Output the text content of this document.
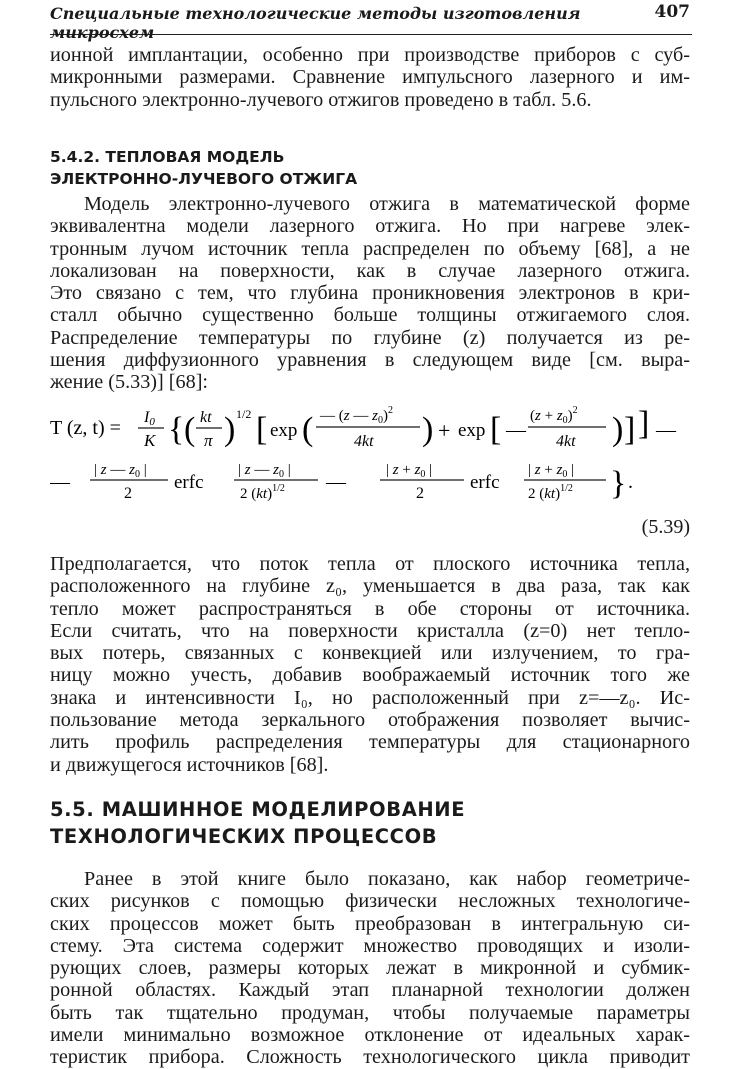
Специальные технологические методы изготовления микросхем
407
ионной имплантации, особенно при производстве приборов с суб-
микронными размерами. Сравнение импульсного лазерного и им-
пульсного электронно-лучевого отжигов проведено в табл. 5.6.
5.4.2. ТЕПЛОВАЯ МОДЕЛЬ
ЭЛЕКТРОННО-ЛУЧЕВОГО ОТЖИГА
Модель электронно-лучевого отжига в математической форме
эквивалентна модели лазерного отжига. Но при нагреве элек-
тронным лучом источник тепла распределен по объему [68], а не
локализован на поверхности, как в случае лазерного отжига.
Это связано с тем, что глубина проникновения электронов в кри-
сталл обычно существенно больше толщины отжигаемого слоя.
Распределение температуры по глубине (z) получается из ре-
шения диффузионного уравнения в следующем виде [см. выра-
жение (5.33)] [68]:
T (z, t) = I0
K { ( kt
π ) 1/2 [ exp ( — (z — $z_0)^2$
4kt ) + exp [ —
$(z + z_0)^2$
4kt ) ] ] —
—
| z — $z_0$ |
2
erfc
| z — $z_0$ |
2 (kt)$^{1/2}$ —
| $z + z_0$ |
2
erfc
| $z + z_0$ |
2 (kt)$^{1/2}$ } .
(5.39)
Предполагается, что поток тепла от плоского источника тепла,
расположенного на глубине z₀, уменьшается в два раза, так как
тепло может распространяться в обе стороны от источника.
Если считать, что на поверхности кристалла (z=0) нет тепло-
вых потерь, связанных с конвекцией или излучением, то гра-
ницу можно учесть, добавив воображаемый источник того же
знака и интенсивности I₀, но расположенный при z=—z₀. Ис-
пользование метода зеркального отображения позволяет вычис-
лить профиль распределения температуры для стационарного
и движущегося источников [68].
5.5. МАШИННОЕ МОДЕЛИРОВАНИЕ
ТЕХНОЛОГИЧЕСКИХ ПРОЦЕССОВ
Ранее в этой книге было показано, как набор геометриче-
ских рисунков с помощью физически несложных технологиче-
ских процессов может быть преобразован в интегральную си-
стему. Эта система содержит множество проводящих и изоли-
рующих слоев, размеры которых лежат в микронной и субмик-
ронной областях. Каждый этап планарной технологии должен
быть так тщательно продуман, чтобы получаемые параметры
имели минимально возможное отклонение от идеальных харак-
теристик прибора. Сложность технологического цикла приводит
